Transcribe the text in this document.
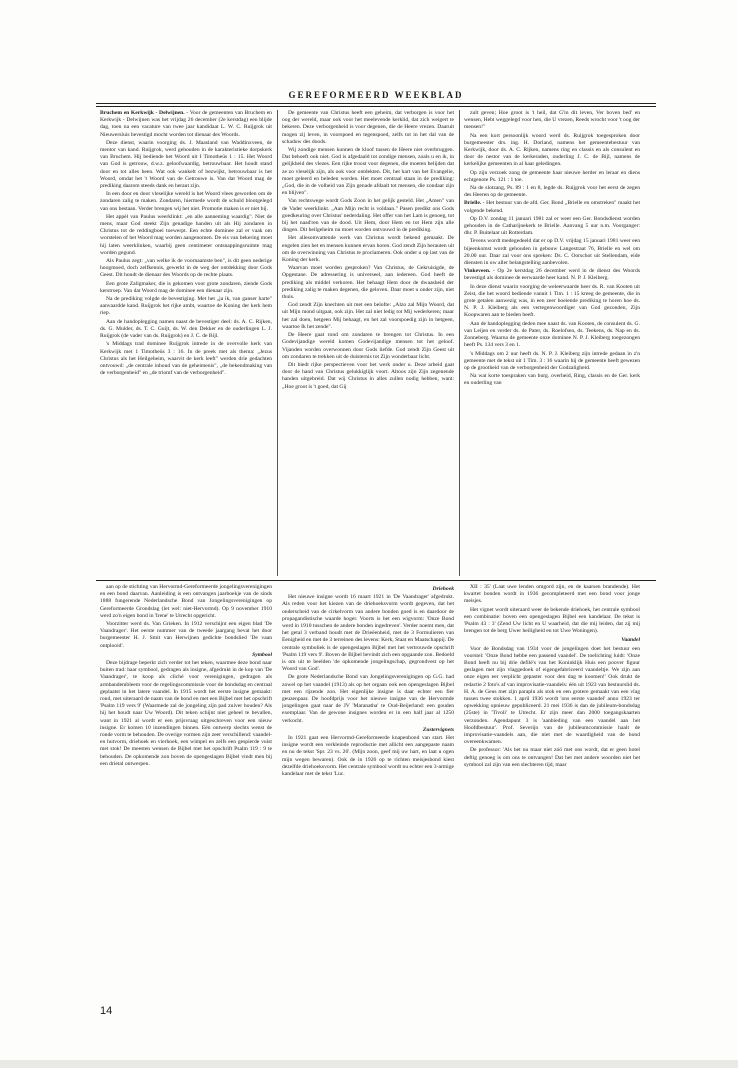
GEREFORMEERD WEEKBLAD

Bruchem en Kerkwijk - Delwijnen. - Voor de gemeenten van Bruchem en Kerkwijk - Delwijnen was het vrijdag 26 december (2e kerstdag) een blijde dag, toen na een vacature van twee jaar kandidaat L. W. C. Ruijgrok uit Nieuwersluis bevestigd mocht worden tot dienaar des Woords.

Deze dienst, waarin voorging ds. J. Maasland van Waddinxveen, de mentor van kand. Ruijgrok, werd gehouden in de karakteristieke dorpskerk van Bruchem. Hij bediende het Woord uit I Timotheüs 1 : 15. Het Woord van God is getrouw, d.w.z. geloofwaardig, betrouwbaar. Het houdt stand door en tot alles heen. Wat ook wankelt of bezwijkt, betrouwbaar is het Woord, omdat het 't Woord van de Getrouwe is. Van dat Woord mag de prediking daarom steeds dank en heraut zijn.

In een door en door vleselijke wereld is het Woord vlees geworden om de zondaren zalig te maken. Zondaren, hiermede wordt de schuld blootgelegd van ons bestaan. Verder brengen wij het niet. Promotie maken is er niet bij.

Het appèl van Paulus weerklinkt: „en alle aanneming waardig". Niet de mens, maar God steekt Zijn genadige handen uit als Hij zondaren in Christus tot de reddingboei toewerpt. Een echte dominee zal er vaak om worstelen of het Woord mag worden aangenomen. De eis van bekering moet hij laten weerklinken, waarbij geen centimeter ontsnappingsruimte mag worden gegund.

Als Paulus zegt: „van welke ik de voornaamste ben", is dit geen nederige hoogmoed, doch zelfkennis, gewerkt in de weg der ontdekking door Gods Geest. Dit houdt de dienaar des Woords op de rechte plaats.

Een grote Zaligmaker, die is gekomen voor grote zondaren, ziende Gods kerstroep. Van dat Woord mag de dominee een dienaar zijn.

Na de prediking volgde de bevestiging. Met het „ja ik, van ganser harte" aanvaardde kand. Ruijgrok het rijke ambt, waartoe de Koning der kerk hem riep.

Aan de handoplegging namen naast de bevestiger deel: ds. A. C. Rijken, ds. G. Mulder, ds. T. C. Guijt, ds. W. den Dekker en de ouderlingen L. J. Ruijgrok (de vader van ds. Ruijgrok) en J. C. de Bijl.

's Middags trad dominee Ruijgrok intrede in de overvolle kerk van Kerkwijk met 1 Timotheüs 3 : 16. In de preek met als thema: „Jezus Christus als het Heilgeheim, waarvit de kerk leeft" werden drie gedachten ontvouwd: „de centrale inhoud van de geheimenis", „de bekendmaking van de verborgenheid" en „de triomf van de verborgenheid".

De gemeente van Christus heeft een geheim, dat verborgen is voor het oog der wereld, maar ook voor het meelevende kerklid, dat zich weigert te bekeren. Deze verborgenheid is voor degenen, die de Heere vrezen. Daaruit mogen zij leven, in voorspoed en tegenspoed, zelfs tot in het dal van de schaduw des doods.

Wij zondige mensen kunnen de kloof tussen de Heere niet overbruggen. Dat behoeft ook niet. God is afgedaald tot zondige mensen, zoals u en ik, in gelijkheid des vlezes. Een rijke troost voor degenen, die moeten belijden dat ze zo vleselijk zijn, als ook voor ontdekten. Dit, het hart van het Evangelie, moet geleerd en beleden worden. Het moet centraal staan in de prediking: „God, die in de volheid van Zijn genade afdaalt tot mensen, die zondaar zijn en blijven".

Van rechtswege wordt Gods Zoon in het gelijk gesteld. Het „Amen" van de Vader weerklinkt. „Aan Mijn recht is voldaan." Pasen predikt ons Gods goedkeuring over Christus' nederdaling. Het offer van het Lam is genoeg, tot bij het naad'ren van de dood. Uit Hem, door Hem en tot Hem zijn alle dingen. Dit heilgeheim nu moet worden ontvouwd in de prediking.

Het allesomvattende werk van Christus wordt bekend gemaakt. De engelen zien het en mensen kunnen ervan horen. God zendt Zijn herauten uit om de overwinning van Christus te proclameren. Ook onder u op last van de Koning der kerk.

Waarvan moet worden gesproken? Van Christus, de Gekruisigde, de Opgestane. De adressering is universeel, aan iedereen. God heeft de prediking als middel verkoren. Het behaagt Hem door de dwaasheid der prediking zalig te maken degenen, die geloven. Daar moet u onder zijn, niet thuis.

God zendt Zijn knechten uit met een belofte: „Alzo zal Mijn Woord, dat uit Mijn mond uitgaat, ook zijn. Het zal niet ledig tot Mij wederkeren; maar het zal doen, hetgeen Mij behaagt, en het zal voorspoedig zijn in hetgeen, waartoe Ik het zende".

De Heere gaat rond om zondaren te brengen tot Christus. In een Godevijandige wereld komen Godevijandige mensen tot het geloof. Vijanden worden overwonnen door Gods liefde. God zendt Zijn Geest uit om zondaren te trekken uit de duisternis tot Zijn wonderbaar licht.

Dit biedt rijke perspectieven voor het werk onder u. Deze arbeid gaat door de hand van Christus gelukkiglijk voort. Altoos zijn Zijn zegenende handen uitgebreid. Dat wij Christus in alles zullen nodig hebben, want: „Hoe groot is 't goed, dat Gij

zult geven; Hoe groot is 't heil, dat G'in dit leven, Ver boven bed' en wensen, Hebt weggelegd voor hen, die U vrezen, Reeds wrocht voor 't oog der mensen!"

Na een kort persoonlijk woord werd ds. Ruijgrok toegesproken door burgemeester drs. ing. H. Dorland, namens het gemeentebestuur van Kerkwijk, door ds. A. C. Rijken, namens ring en classis en als consulent en door de nestor van de kerkeraden, ouderling J. C. de Bijl, namens de kerkelijke gemeenten in al haar geledingen.

Op zijn verzoek zong de gemeente haar nieuwe herder en leraar en diens echtgenote Ps. 121 : 1 toe.

Na de slotzang, Ps. 89 : 1 en 8, legde ds. Ruijgrok voor het eerst de zegen des Heeren op de gemeente.

Brielle. - Het bestuur van de afd. Ger. Bond „Brielle en omstreken" maakt het volgende bekend.

Op D.V. zondag 11 januari 1981 zal er weer een Ger. Bondsdienst worden gehouden in de Catharijnekerk te Brielle. Aanvang 5 uur n.m. Voorganger: dhr. P. Buitelaar uit Rotterdam.

Tevens wordt medegedeeld dat er op D.V. vrijdag 15 januari 1981 weer een bijeenkomst wordt gehouden in gebouw Langestraat 76, Brielle en wel om 20.00 uur. Daar zal voor ons spreken: Ds. C. Oorschot uit Stellendam, eide diensten in uw aller belangstelling aanbevolen.

Vinkeveen. - Op 2e kerstdag 26 december werd in de dienst des Woords bevestigd als dominee de eerwaarde heer kand. N. P. J. Kleiberg.

In deze dienst waarin voorging de weleerwaarde heer ds. R. van Kooten uit Zeist, die het woord bediende vanuit 1 Tim. 1 : 15 kreeg de gemeente, die in grote getalen aanwezig was, in een zeer boeiende prediking te horen hoe ds. N. P. J. Kleiberg als een vertegenwoordiger van God gezonden, Zijn Koopwaren aan te bieden heeft.

Aan de handoplegging deden mee naast ds. van Kooten, de consulent ds. G. van Leijen en verder ds. de Pater, ds. Roelofsen, ds. Teekens, ds. Nap en ds. Zonneberg. Waarna de gemeente onze dominee N. P. J. Kleiberg toegezongen heeft Ps. 134 vers 3 en 1.

's Middags om 2 uur heeft ds. N. P. J. Kleiberg zijn intrede gedaan in z'n gemeente met de tekst uit 1 Tim. 3 : 16 waarin hij de gemeente heeft gewezen op de grootheid van de verborgenheid der Godzaligheid.

Na wat korte toespraken van burg. overheid, Ring, classis en de Ger. kerk en ouderling van

aan op de stichting van Hervormd-Gereformeerde jongelingsverenigingen en een bond daarvan. Aanleiding is een ontvangen jaarboekje van de sinds 1888 fungerende Nederlandsche Bond van Jongelingsverenigingen op Gereformeerde Grondslag (let wel: niet-Hervormd). Op 9 november 1910 werd zo'n eigen bond in 'Irene' te Utrecht opgericht.

Voorzitter werd ds. Van Grieken. In 1912 verschijnt een eigen blad 'De Vaandrager'. Het eerste nummer van de tweede jaargang bevat het door burgemeester H. J. Smit van Herwijnen gedichte bondslied 'De vaan ontplooid'.

Symbool

Deze bijdrage beperkt zich verder tot het teken, waarmee deze bond naar buiten trad: haar symbool, gedragen als insigne, afgedrukt in de kop van 'De Vaandrager', te koop als cliché voor verenigingen, gedragen als armbandembleem voor de regelingscommissie voor de bondsdag en centraal geplaatst in het latere vaandel. In 1915 wordt het eerste insigne gemaakt: rond, met uiteraard de naam van de bond en met een Bijbel met het opschrift 'Psalm 119 vers 9' (Waarmede zal de jongeling zijn pad zuiver houden? Als hij het houdt naar Uw Woord). Dit teken schijnt niet geheel te bevallen, want in 1921 al wordt er een prijsvraag uitgeschreven voor een nieuw insigne. Er komen 10 inzendingen binnen. Eén ontwerp slechts wenst de ronde vorm te behouden. De overige vormen zijn zeer verschillend: vaandel- en hutvorm, driehoek en vierhoek, een wimpel en zelfs een gespierde vuist met stok! De meesten wensen de Bijbel met het opschrift Psalm 119 : 9 te behouden. De opkomende zon boven de opengeslagen Bijbel vindt men bij een drietal ontwerpen.

Driehoek

Het nieuwe insigne wordt 16 maart 1921 in 'De Vaandrager' afgedrukt. Als reden voor het kiezen van de driehoeksvorm wordt gegeven, dat het onderscheid van de cirkelvorm van andere bonden goed is en daardoor de propagandistische waarde hoger. Voorts is het een wigvorm: 'Onze Bond werd in 1910 tusschen de andere bonden ingedreven'. Verder noemt men, dat het getal 3 verband houdt met de Drieëenheid, met de 3 Formulieren van Eenigheid en met de 3 terreinen des levens: Kerk, Staat en Maatschappij. De centrale symboliek is de opengeslagen Bijbel met het vertrouwde opschrift 'Psalm 119 vers 9'. Boven de Bijbel bevindt zich een opgaande zon. Bedoeld is om uit te beelden 'de opkomende jongelingschap, gegrondvest op het Woord van God'.

De grote Nederlandsche Bond van Jongelingsverenigingen op G.G. had zowel op het vaandel (1913) als op het orgaan ook een opengeslagen Bijbel met een rijzende zon. Het eigenlijke insigne is daar echter een fier geuzenpaar. De hoofdprijs voor het nieuwe insigne van de Hervormde jongelingen gaat naar de JV 'Maranatha' te Oud-Beijerland: een gouden exemplaar. Van de gewone insignes worden er in een half jaar al 1250 verkocht.

Zustervignets

In 1921 gaat een Hervormd-Gereformeerde knapenbond van start. Het insigne wordt een verkleinde reproductie met allicht een aangepaste naam en nu de tekst 'Spr. 23 vs. 26'. (Mijn zoon, geef mij uw hart, en laat u ogen mijn wegen bewaren). Ook de in 1926 op te richten meisjesbond kiest dezelfde driehoeksvorm. Het centrale symbool wordt nu echter een 3-armige kandelaar met de tekst 'Luc.

XII : 35' (Laat uwe lenden omgord zijn, en de kaarsen brandende). Het kwartet bonden wordt in 1936 gecompleteerd met een bond voor jonge meisjes.

Het vignet wordt uiteraard weer de bekende driehoek, het centrale symbool een combinatie: boven een opengeslagen Bijbel een kandelaar. De tekst is 'Psalm 43 : 3' (Zend Uw licht en U waarheid, dat die mij leiden, dat zij mij brengen tot de berg Uwer heiligheid en tot Uwe Woningen).

Vaandel

Voor de Bondsdag van 1934 voor de jongelingen doet het bestuur een voorstel: 'Onze Bond hebbe een passend vaandel'. De toelichting luidt: 'Onze Bond heeft nu bij drie defilé's van het Koninklijk Huis een poover figuur geslagen met zijn vlaggedoek of eigengefabriceerd vaandeltje. We zijn aan onze eigen eer verplicht gepaster voor den dag te koomen!' Ook drukt de redactie 2 foto's af van improvisatie-vaandels: één uit 1923 van bestuurslid ds. H. A. de Geus met zijn paraplu als stok en een grotere gemaakt van een vlag tussen twee stokken. 1 april 1936 wordt 'ons eerste vaandel' anno 1923 ter opwekking opnieuw gepubliceerd. 21 mei 1936 is dan de jubileum-bondsdag (25ste) in 'Tivoli' te Utrecht. Er zijn meer dan 2000 toegangskaarten verzonden. Agendapunt 3 is 'aanbieding van een vaandel aan het Hoofdbestuur'. Prof. Severijn van de jubileumcommissie haalt de improvisatie-vaandels aan, die niet met de waardigheid van de bond overeenkwamen.

De professor: 'Als het nu maar niet zóó met ons wordt, dat er geen hotel deftig genoeg is om ons te ontvangen! Dat het met andere woorden niet het symbool zal zijn van een slechteren tijd, maar

14
